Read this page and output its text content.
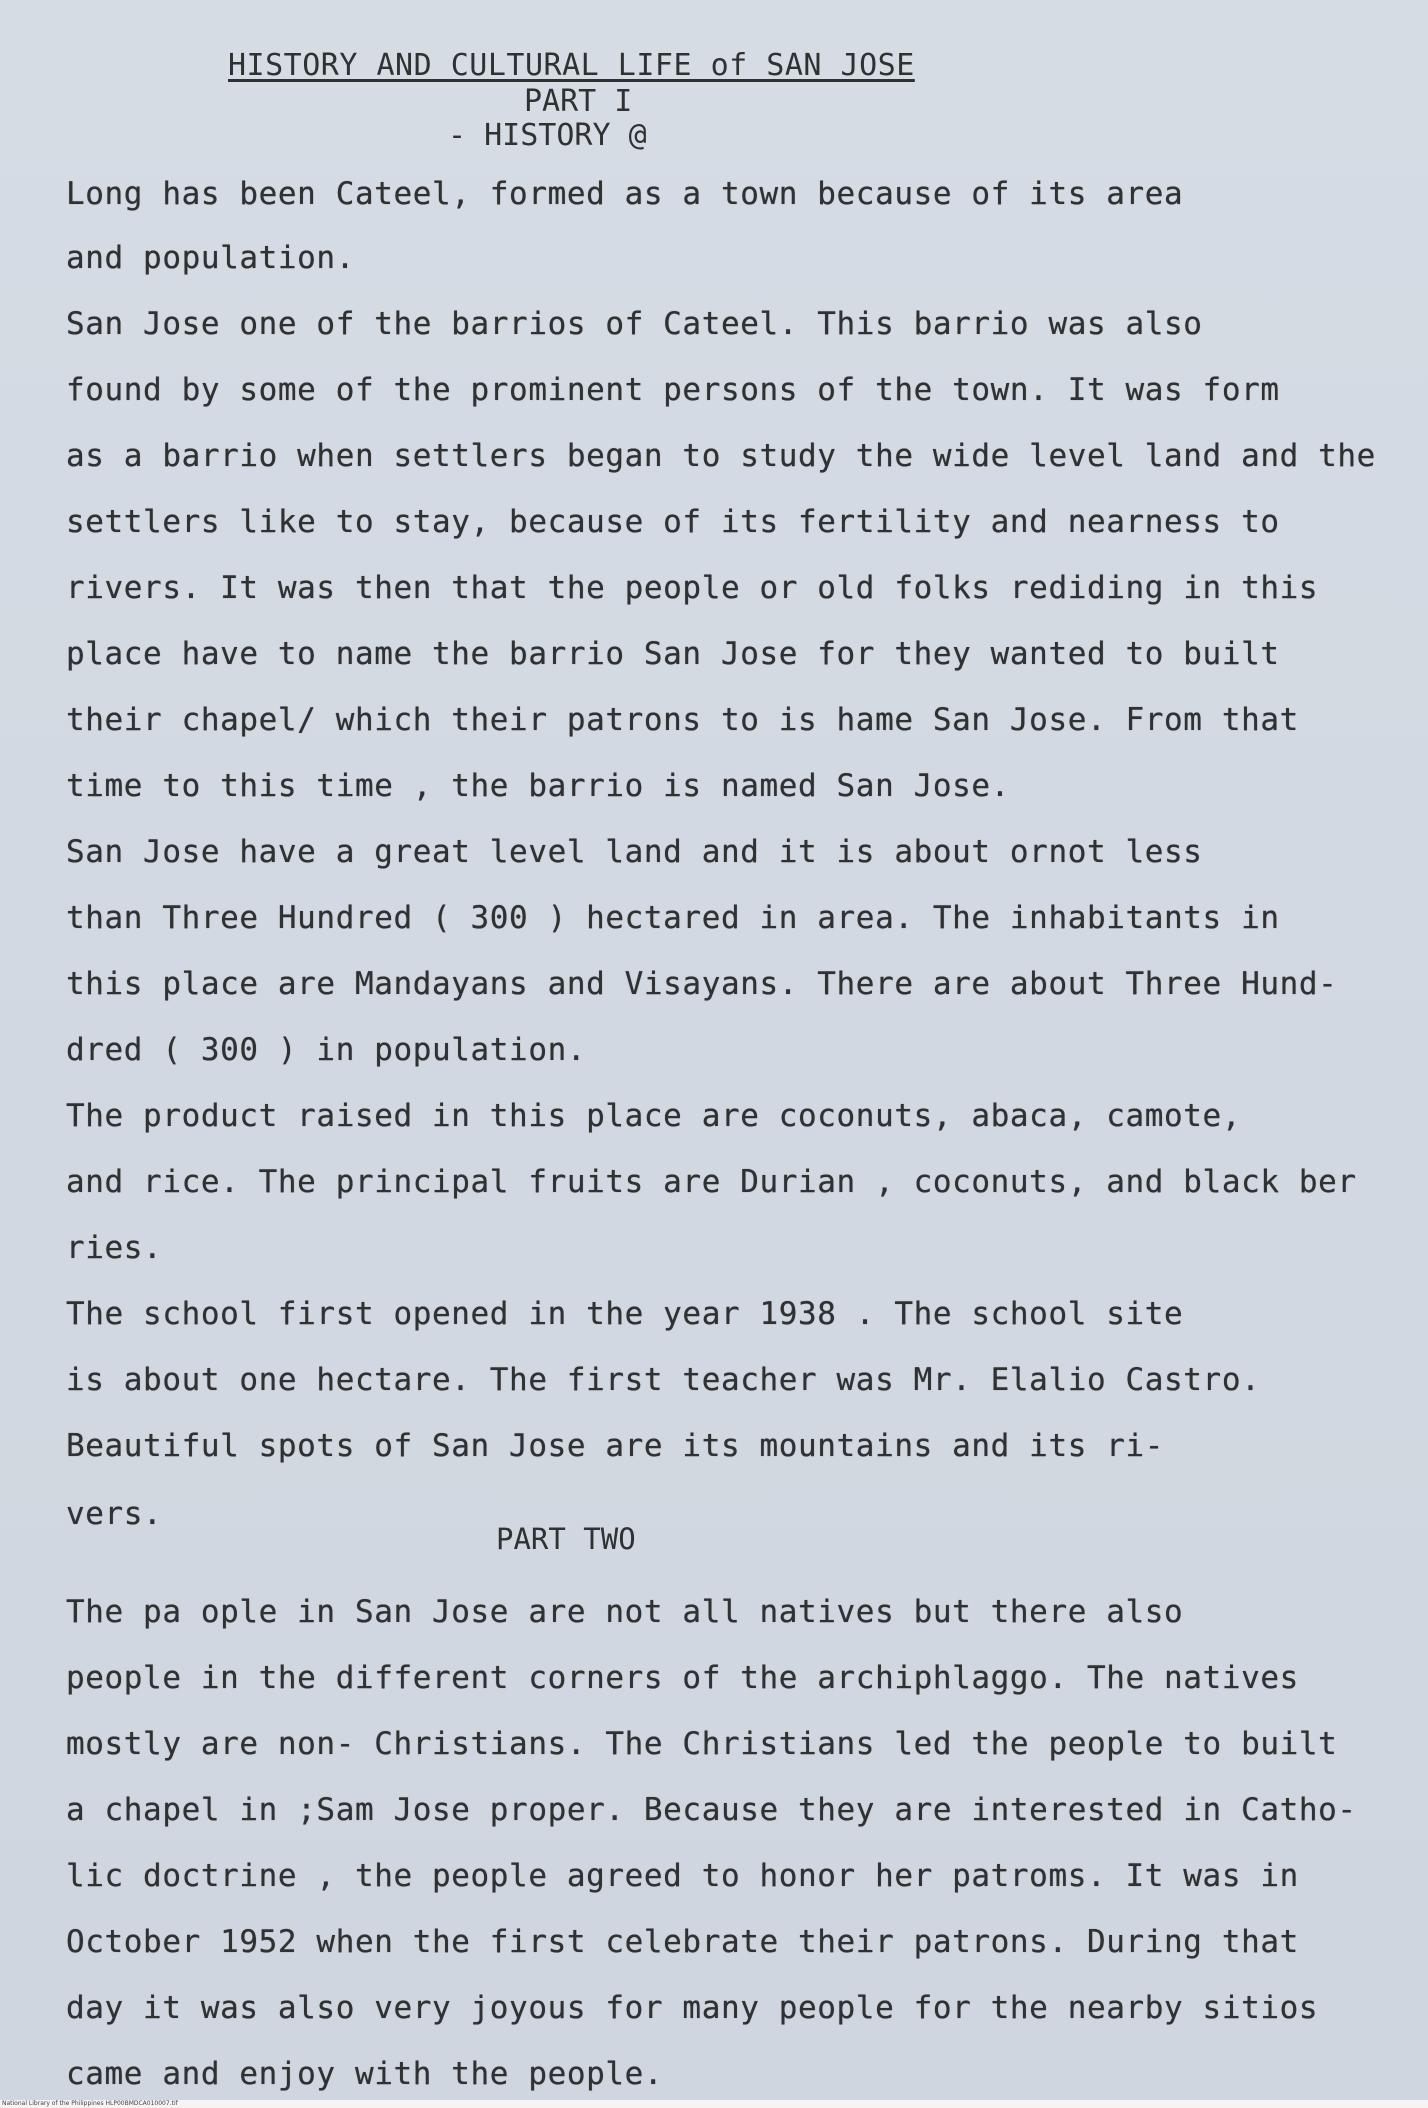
HISTORY AND CULTURAL LIFE of SAN JOSE
PART I
- HISTORY @
Long has been Cateel, formed as a town because of its area
and population.
San Jose one of the barrios of Cateel. This barrio was also
found by some of the prominent persons of the town. It was form
as a barrio when settlers began to study the wide level land and the
settlers like to stay, because of its fertility and nearness to
rivers. It was then that the people or old folks rediding in this
place have to name the barrio San Jose for they wanted to built
their chapel/ which their patrons to is hame San Jose. From that
time to this time , the barrio is named San Jose.
San Jose have a great level land and it is about ornot less
than Three Hundred ( 300 ) hectared in area. The inhabitants in
this place are Mandayans and Visayans. There are about Three Hund-
dred ( 300 ) in population.
The product raised in this place are coconuts, abaca, camote,
and rice. The principal fruits are Durian , coconuts, and black ber
ries.
The school first opened in the year 1938 . The school site
is about one hectare. The first teacher was Mr. Elalio Castro.
Beautiful spots of San Jose are its mountains and its ri-
vers.
The pa ople in San Jose are not all natives but there also
people in the different corners of the archiphlaggo. The natives
mostly are non- Christians. The Christians led the people to built
a chapel in ;Sam Jose proper. Because they are interested in Catho-
lic doctrine , the people agreed to honor her patroms. It was in
October 1952 when the first celebrate their patrons. During that
day it was also very joyous for many people for the nearby sitios
came and enjoy with the people.
PART TWO
National Library of the Philippines HLP00BMDCA010007.tif
